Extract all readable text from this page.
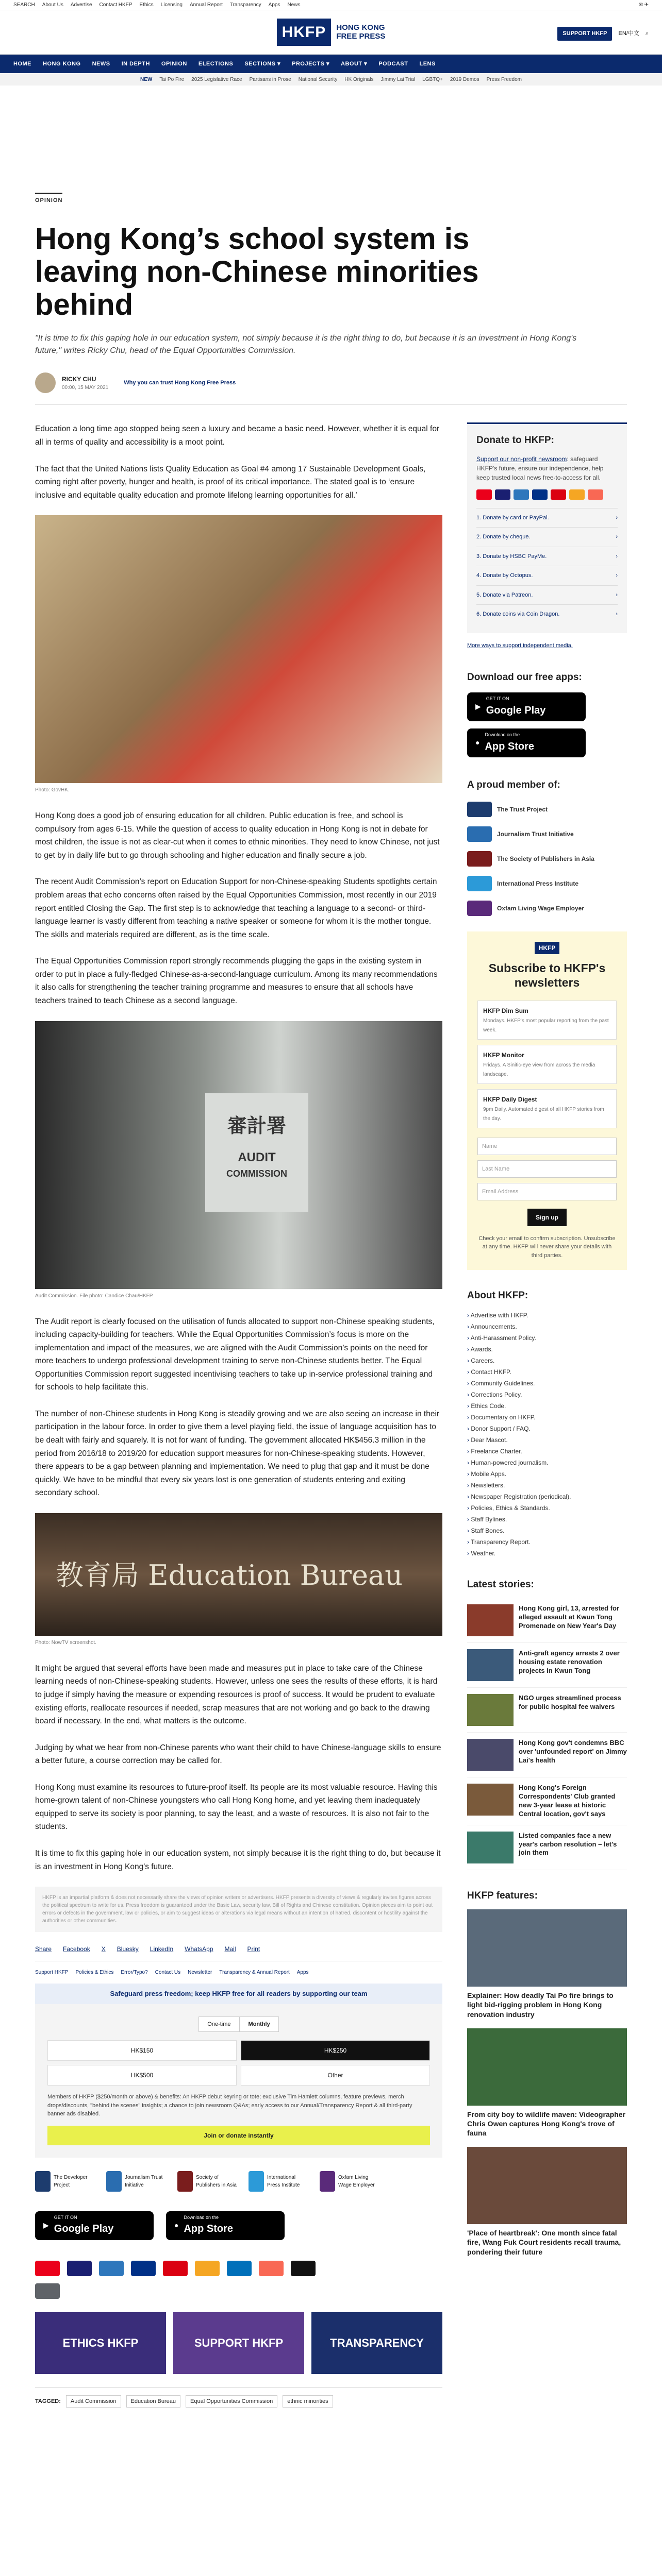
SEARCH About Us Advertise Contact HKFP Ethics Licensing Annual Report Transparency Apps News	✉ ✈
HKFP	HONG KONG
FREE PRESS	SUPPORT HKFP	EN/中文 ⌕
HOME HONG KONG NEWS IN DEPTH OPINION ELECTIONS SECTIONS ▾ PROJECTS ▾ ABOUT ▾ PODCAST LENS
NEW Tai Po Fire 2025 Legislative Race Partisans in Prose National Security HK Originals Jimmy Lai Trial LGBTQ+ 2019 Demos Press Freedom
OPINION
Hong Kong’s school system is leaving non-Chinese minorities behind

"It is time to fix this gaping hole in our education system, not simply because it is the right thing to do, but because it is an investment in Hong Kong's future," writes Ricky Chu, head of the Equal Opportunities Commission.

RICKY CHU
00:00, 15 MAY 2021
Why you can trust Hong Kong Free Press

Education a long time ago stopped being seen a luxury and became a basic need. However, whether it is equal for all in terms of quality and accessibility is a moot point.

The fact that the United Nations lists Quality Education as Goal #4 among 17 Sustainable Development Goals, coming right after poverty, hunger and health, is proof of its critical importance. The stated goal is to ‘ensure inclusive and equitable quality education and promote lifelong learning opportunities for all.’

Photo: GovHK.

Hong Kong does a good job of ensuring education for all children. Public education is free, and school is compulsory from ages 6-15. While the question of access to quality education in Hong Kong is not in debate for most children, the issue is not as clear-cut when it comes to ethnic minorities. They need to know Chinese, not just to get by in daily life but to go through schooling and higher education and finally secure a job.

The recent Audit Commission’s report on Education Support for non-Chinese-speaking Students spotlights certain problem areas that echo concerns often raised by the Equal Opportunities Commission, most recently in our 2019 report entitled Closing the Gap. The first step is to acknowledge that teaching a language to a second- or third-language learner is vastly different from teaching a native speaker or someone for whom it is the mother tongue. The skills and materials required are different, as is the time scale.

The Equal Opportunities Commission report strongly recommends plugging the gaps in the existing system in order to put in place a fully-fledged Chinese-as-a-second-language curriculum. Among its many recommendations it also calls for strengthening the teacher training programme and measures to ensure that all schools have teachers trained to teach Chinese as a second language.

審計署
AUDIT
COMMISSION
Audit Commission. File photo: Candice Chau/HKFP.

The Audit report is clearly focused on the utilisation of funds allocated to support non-Chinese speaking students, including capacity-building for teachers. While the Equal Opportunities Commission’s focus is more on the implementation and impact of the measures, we are aligned with the Audit Commission’s points on the need for more teachers to undergo professional development training to serve non-Chinese students better. The Equal Opportunities Commission report suggested incentivising teachers to take up in-service professional training and for schools to help facilitate this.

The number of non-Chinese students in Hong Kong is steadily growing and we are also seeing an increase in their participation in the labour force. In order to give them a level playing field, the issue of language acquisition has to be dealt with fairly and squarely. It is not for want of funding. The government allocated HK$456.3 million in the period from 2016/18 to 2019/20 for education support measures for non-Chinese-speaking students. However, there appears to be a gap between planning and implementation. We need to plug that gap and it must be done quickly. We have to be mindful that every six years lost is one generation of students entering and exiting secondary school.

教育局 Education Bureau
Photo: NowTV screenshot.

It might be argued that several efforts have been made and measures put in place to take care of the Chinese learning needs of non-Chinese-speaking students. However, unless one sees the results of these efforts, it is hard to judge if simply having the measure or expending resources is proof of success. It would be prudent to evaluate existing efforts, reallocate resources if needed, scrap measures that are not working and go back to the drawing board if necessary. In the end, what matters is the outcome.

Judging by what we hear from non-Chinese parents who want their child to have Chinese-language skills to ensure a better future, a course correction may be called for.

Hong Kong must examine its resources to future-proof itself. Its people are its most valuable resource. Having this home-grown talent of non-Chinese youngsters who call Hong Kong home, and yet leaving them inadequately equipped to serve its society is poor planning, to say the least, and a waste of resources. It is also not fair to the students.

It is time to fix this gaping hole in our education system, not simply because it is the right thing to do, but because it is an investment in Hong Kong's future.

HKFP is an impartial platform & does not necessarily share the views of opinion writers or advertisers. HKFP presents a diversity of views & regularly invites figures across the political spectrum to write for us. Press freedom is guaranteed under the Basic Law, security law, Bill of Rights and Chinese constitution. Opinion pieces aim to point out errors or defects in the government, law or policies, or aim to suggest ideas or alterations via legal means without an intention of hatred, discontent or hostility against the authorities or other communities.
Share Facebook X Bluesky LinkedIn WhatsApp Mail Print
Support HKFP Policies & Ethics Error/Typo? Contact Us Newsletter Transparency & Annual Report Apps
Safeguard press freedom; keep HKFP free for all readers by supporting our team
One-time	Monthly
HK$150	HK$250
HK$500	Other
Members of HKFP ($250/month or above) & benefits: An HKFP debut keyring or tote; exclusive Tim Hamlett columns, feature previews, merch drops/discounts, "behind the scenes" insights; a chance to join newsroom Q&As; early access to our Annual/Transparency Report & all third-party banner ads disabled.
Join or donate instantly
The Developer Project
Journalism Trust Initiative
Society of Publishers in Asia
International Press Institute
Oxfam Living Wage Employer
▶
GET IT ON
Google Play	●
Download on the
App Store
ETHICS HKFP	SUPPORT HKFP	TRANSPARENCY
TAGGED:	Audit Commission	Education Bureau	Equal Opportunities Commission	ethnic minorities
Donate to HKFP:
Support our non-profit newsroom: safeguard HKFP's future, ensure our independence, help keep trusted local news free-to-access for all.
1. Donate by card or PayPal.	›
2. Donate by cheque.	›
3. Donate by HSBC PayMe.	›
4. Donate by Octopus.	›
5. Donate via Patreon.	›
6. Donate coins via Coin Dragon.	›
More ways to support independent media.
Download our free apps:
▶
GET IT ON
Google Play
●
Download on the
App Store
A proud member of:
The Trust Project
Journalism Trust Initiative
The Society of Publishers in Asia
International Press Institute
Oxfam Living Wage Employer
HKFP
Subscribe to HKFP's newsletters
HKFP Dim Sum
Mondays. HKFP's most popular reporting from the past week.
HKFP Monitor
Fridays. A Sinitic-eye view from across the media landscape.
HKFP Daily Digest
9pm Daily. Automated digest of all HKFP stories from the day.
Name
Last Name
Email Address
Sign up

Check your email to confirm subscription. Unsubscribe at any time. HKFP will never share your details with third parties.

About HKFP:
› Advertise with HKFP.
› Announcements.
› Anti-Harassment Policy.
› Awards.
› Careers.
› Contact HKFP.
› Community Guidelines.
› Corrections Policy.
› Ethics Code.
› Documentary on HKFP.
› Donor Support / FAQ.
› Dear Mascot.
› Freelance Charter.
› Human-powered journalism.
› Mobile Apps.
› Newsletters.
› Newspaper Registration (periodical).
› Policies, Ethics & Standards.
› Staff Bylines.
› Staff Bones.
› Transparency Report.
› Weather.
Latest stories:
Hong Kong girl, 13, arrested for alleged assault at Kwun Tong Promenade on New Year's Day
Anti-graft agency arrests 2 over housing estate renovation projects in Kwun Tong
NGO urges streamlined process for public hospital fee waivers
Hong Kong gov't condemns BBC over 'unfounded report' on Jimmy Lai's health
Hong Kong's Foreign Correspondents' Club granted new 3-year lease at historic Central location, gov't says
Listed companies face a new year's carbon resolution – let's join them
HKFP features:
Explainer: How deadly Tai Po fire brings to light bid-rigging problem in Hong Kong renovation industry
From city boy to wildlife maven: Videographer Chris Owen captures Hong Kong's trove of fauna
'Place of heartbreak': One month since fatal fire, Wang Fuk Court residents recall trauma, pondering their future
